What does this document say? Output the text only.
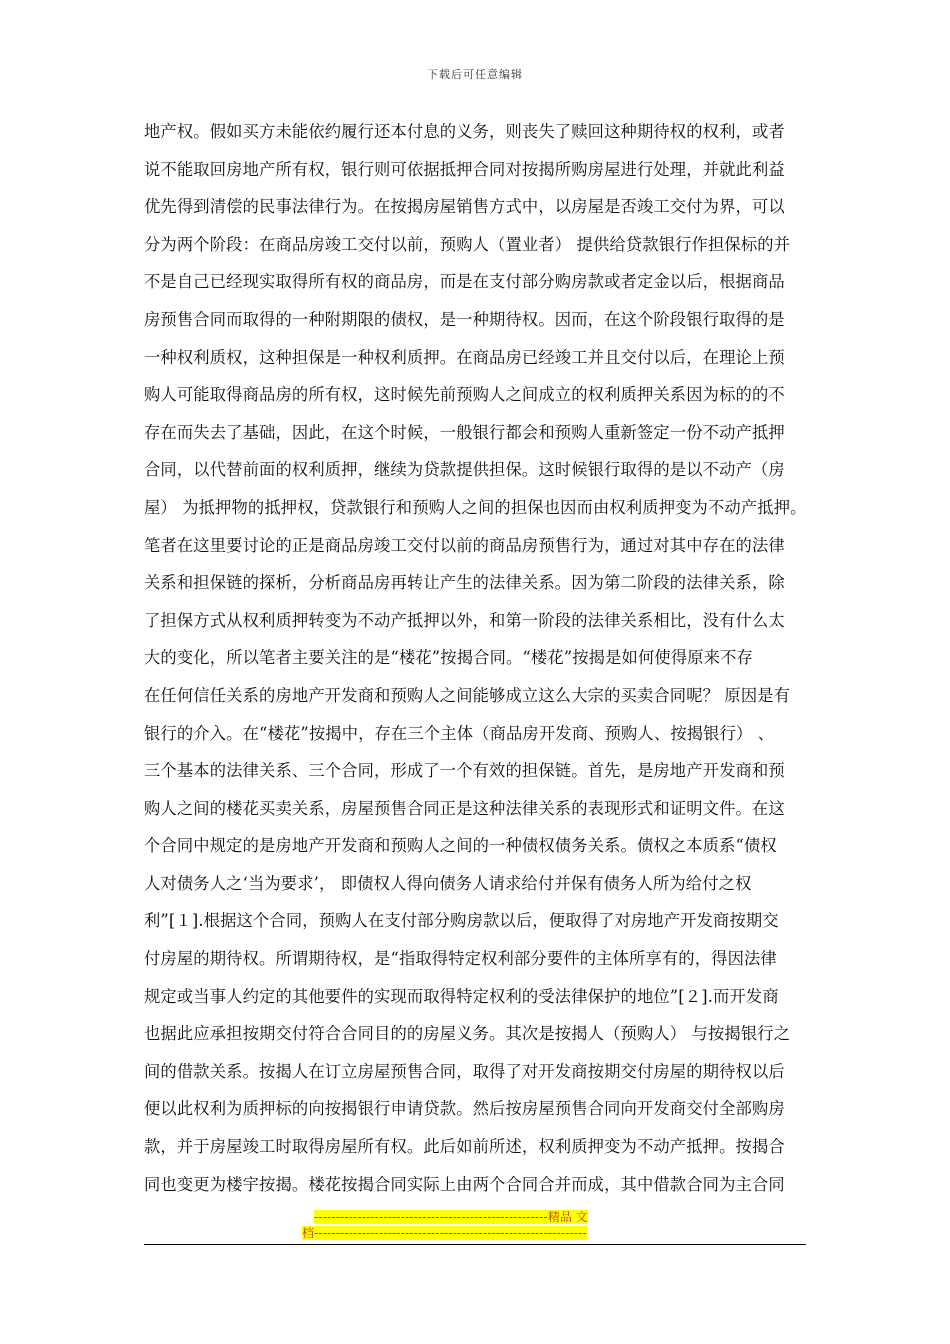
下载后可任意编辑
地产权。假如买方未能依约履行还本付息的义务，则丧失了赎回这种期待权的权利，或者
说不能取回房地产所有权，银行则可依据抵押合同对按揭所购房屋进行处理，并就此利益
优先得到清偿的民事法律行为。在按揭房屋销售方式中，以房屋是否竣工交付为界，可以
分为两个阶段：在商品房竣工交付以前，预购人（置业者） 提供给贷款银行作担保标的并
不是自己已经现实取得所有权的商品房，而是在支付部分购房款或者定金以后，根据商品
房预售合同而取得的一种附期限的债权，是一种期待权。因而，在这个阶段银行取得的是
一种权利质权，这种担保是一种权利质押。在商品房已经竣工并且交付以后，在理论上预
购人可能取得商品房的所有权，这时候先前预购人之间成立的权利质押关系因为标的的不
存在而失去了基础，因此，在这个时候，一般银行都会和预购人重新签定一份不动产抵押
合同，以代替前面的权利质押，继续为贷款提供担保。这时候银行取得的是以不动产（房
屋） 为抵押物的抵押权，贷款银行和预购人之间的担保也因而由权利质押变为不动产抵押。
笔者在这里要讨论的正是商品房竣工交付以前的商品房预售行为，通过对其中存在的法律
关系和担保链的探析，分析商品房再转让产生的法律关系。因为第二阶段的法律关系，除
了担保方式从权利质押转变为不动产抵押以外，和第一阶段的法律关系相比，没有什么太
大的变化，所以笔者主要关注的是“楼花”按揭合同。“楼花”按揭是如何使得原来不存
在任何信任关系的房地产开发商和预购人之间能够成立这么大宗的买卖合同呢？ 原因是有
银行的介入。在“楼花”按揭中，存在三个主体（商品房开发商、预购人、按揭银行） 、
三个基本的法律关系、三个合同，形成了一个有效的担保链。首先，是房地产开发商和预
购人之间的楼花买卖关系，房屋预售合同正是这种法律关系的表现形式和证明文件。在这
个合同中规定的是房地产开发商和预购人之间的一种债权债务关系。债权之本质系“债权
人对债务人之‘当为要求’， 即债权人得向债务人请求给付并保有债务人所为给付之权
利”[１].根据这个合同，预购人在支付部分购房款以后，便取得了对房地产开发商按期交
付房屋的期待权。所谓期待权，是“指取得特定权利部分要件的主体所享有的，得因法律
规定或当事人约定的其他要件的实现而取得特定权利的受法律保护的地位”[２].而开发商
也据此应承担按期交付符合合同目的的房屋义务。其次是按揭人（预购人） 与按揭银行之
间的借款关系。按揭人在订立房屋预售合同，取得了对开发商按期交付房屋的期待权以后
便以此权利为质押标的向按揭银行申请贷款。然后按房屋预售合同向开发商交付全部购房
款，并于房屋竣工时取得房屋所有权。此后如前所述，权利质押变为不动产抵押。按揭合
同也变更为楼宇按揭。楼花按揭合同实际上由两个合同合并而成，其中借款合同为主合同
------------------------------------------------------精品 文
档---------------------------------------------------------------
